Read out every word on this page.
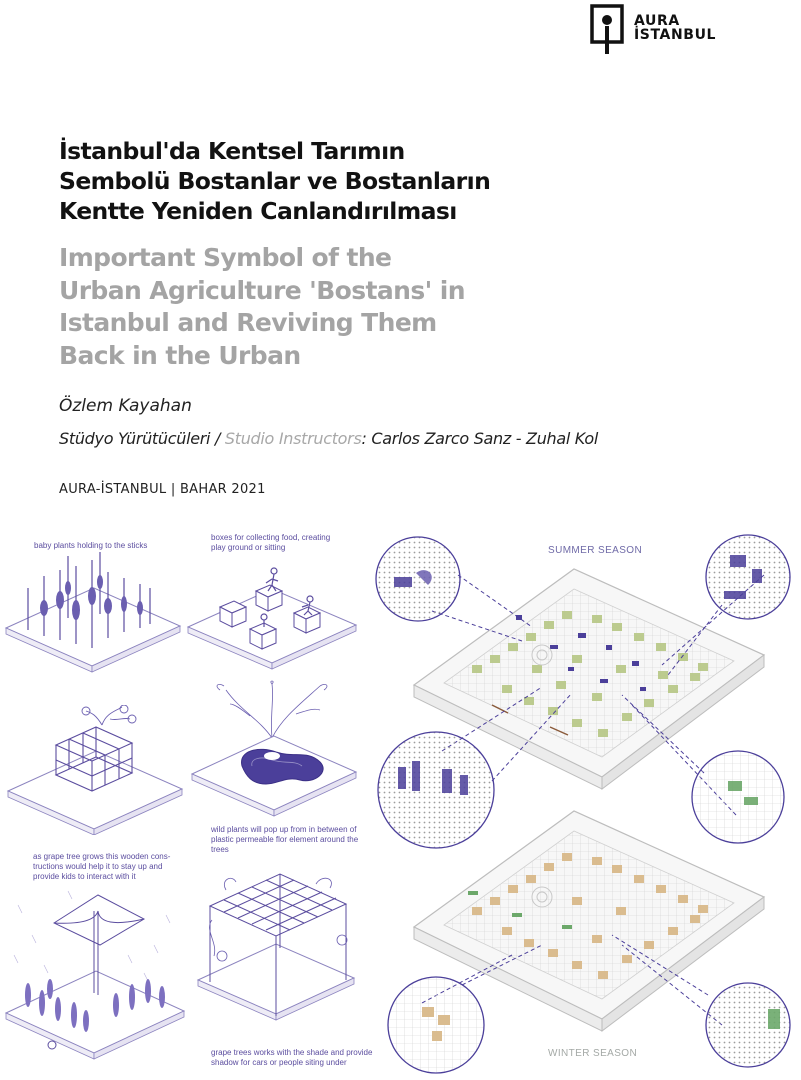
AURA
İSTANBUL
İstanbul'da Kentsel Tarımın
Sembolü Bostanlar ve Bostanların
Kentte Yeniden Canlandırılması
Important Symbol of the
Urban Agriculture 'Bostans' in
Istanbul and Reviving Them
Back in the Urban
Özlem Kayahan
Stüdyo Yürütücüleri / Studio Instructors: Carlos Zarco Sanz - Zuhal Kol
AURA-İSTANBUL | BAHAR 2021
baby plants holding to the sticks
boxes for collecting food, creating
play ground or sitting
wild plants will pop up from in between of
plastic permeable flor element around the
trees
as grape tree grows this wooden cons-
tructions would help it to stay up and
provide kids to interact with it
grape trees works with the shade and provide
shadow for cars or people siting under
SUMMER SEASON
WINTER SEASON
